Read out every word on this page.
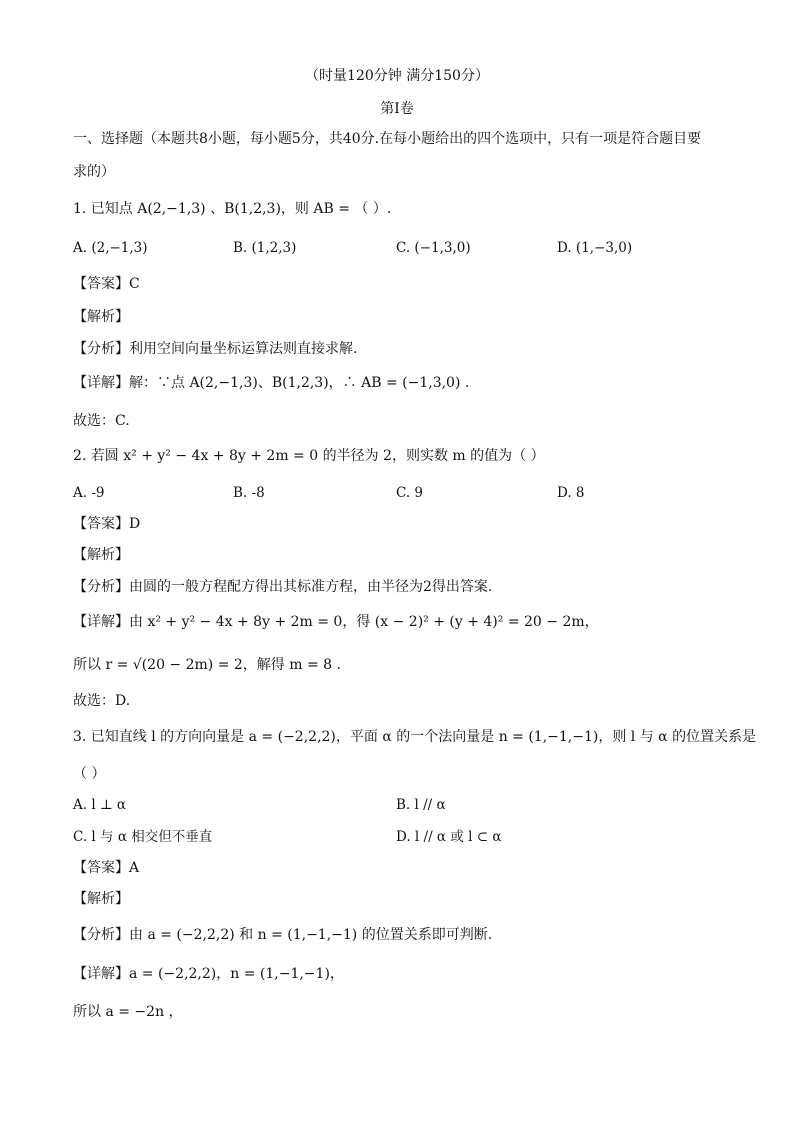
（时量120分钟 满分150分）
第Ⅰ卷
一、选择题（本题共8小题，每小题5分，共40分.在每小题给出的四个选项中，只有一项是符合题目要
求的）
1. 已知点 A(2,−1,3) 、B(1,2,3)，则 AB = （ ）.
A. (2,−1,3)	B. (1,2,3)	C. (−1,3,0)	D. (1,−3,0)
【答案】C
【解析】
【分析】利用空间向量坐标运算法则直接求解.
【详解】解：∵点 A(2,−1,3)、B(1,2,3)，∴ AB = (−1,3,0) .
故选：C.
2. 若圆 x² + y² − 4x + 8y + 2m = 0 的半径为 2，则实数 m 的值为（ ）
A. -9	B. -8	C. 9	D. 8
【答案】D
【解析】
【分析】由圆的一般方程配方得出其标准方程，由半径为2得出答案.
【详解】由 x² + y² − 4x + 8y + 2m = 0，得 (x − 2)² + (y + 4)² = 20 − 2m，
所以 r = √(20 − 2m) = 2，解得 m = 8 .
故选：D.
3. 已知直线 l 的方向向量是 a = (−2,2,2)，平面 α 的一个法向量是 n = (1,−1,−1)，则 l 与 α 的位置关系是
（ ）
A. l ⊥ α	B. l // α
C. l 与 α 相交但不垂直	D. l // α 或 l ⊂ α
【答案】A
【解析】
【分析】由 a = (−2,2,2) 和 n = (1,−1,−1) 的位置关系即可判断.
【详解】a = (−2,2,2)，n = (1,−1,−1)，
所以 a = −2n ，
